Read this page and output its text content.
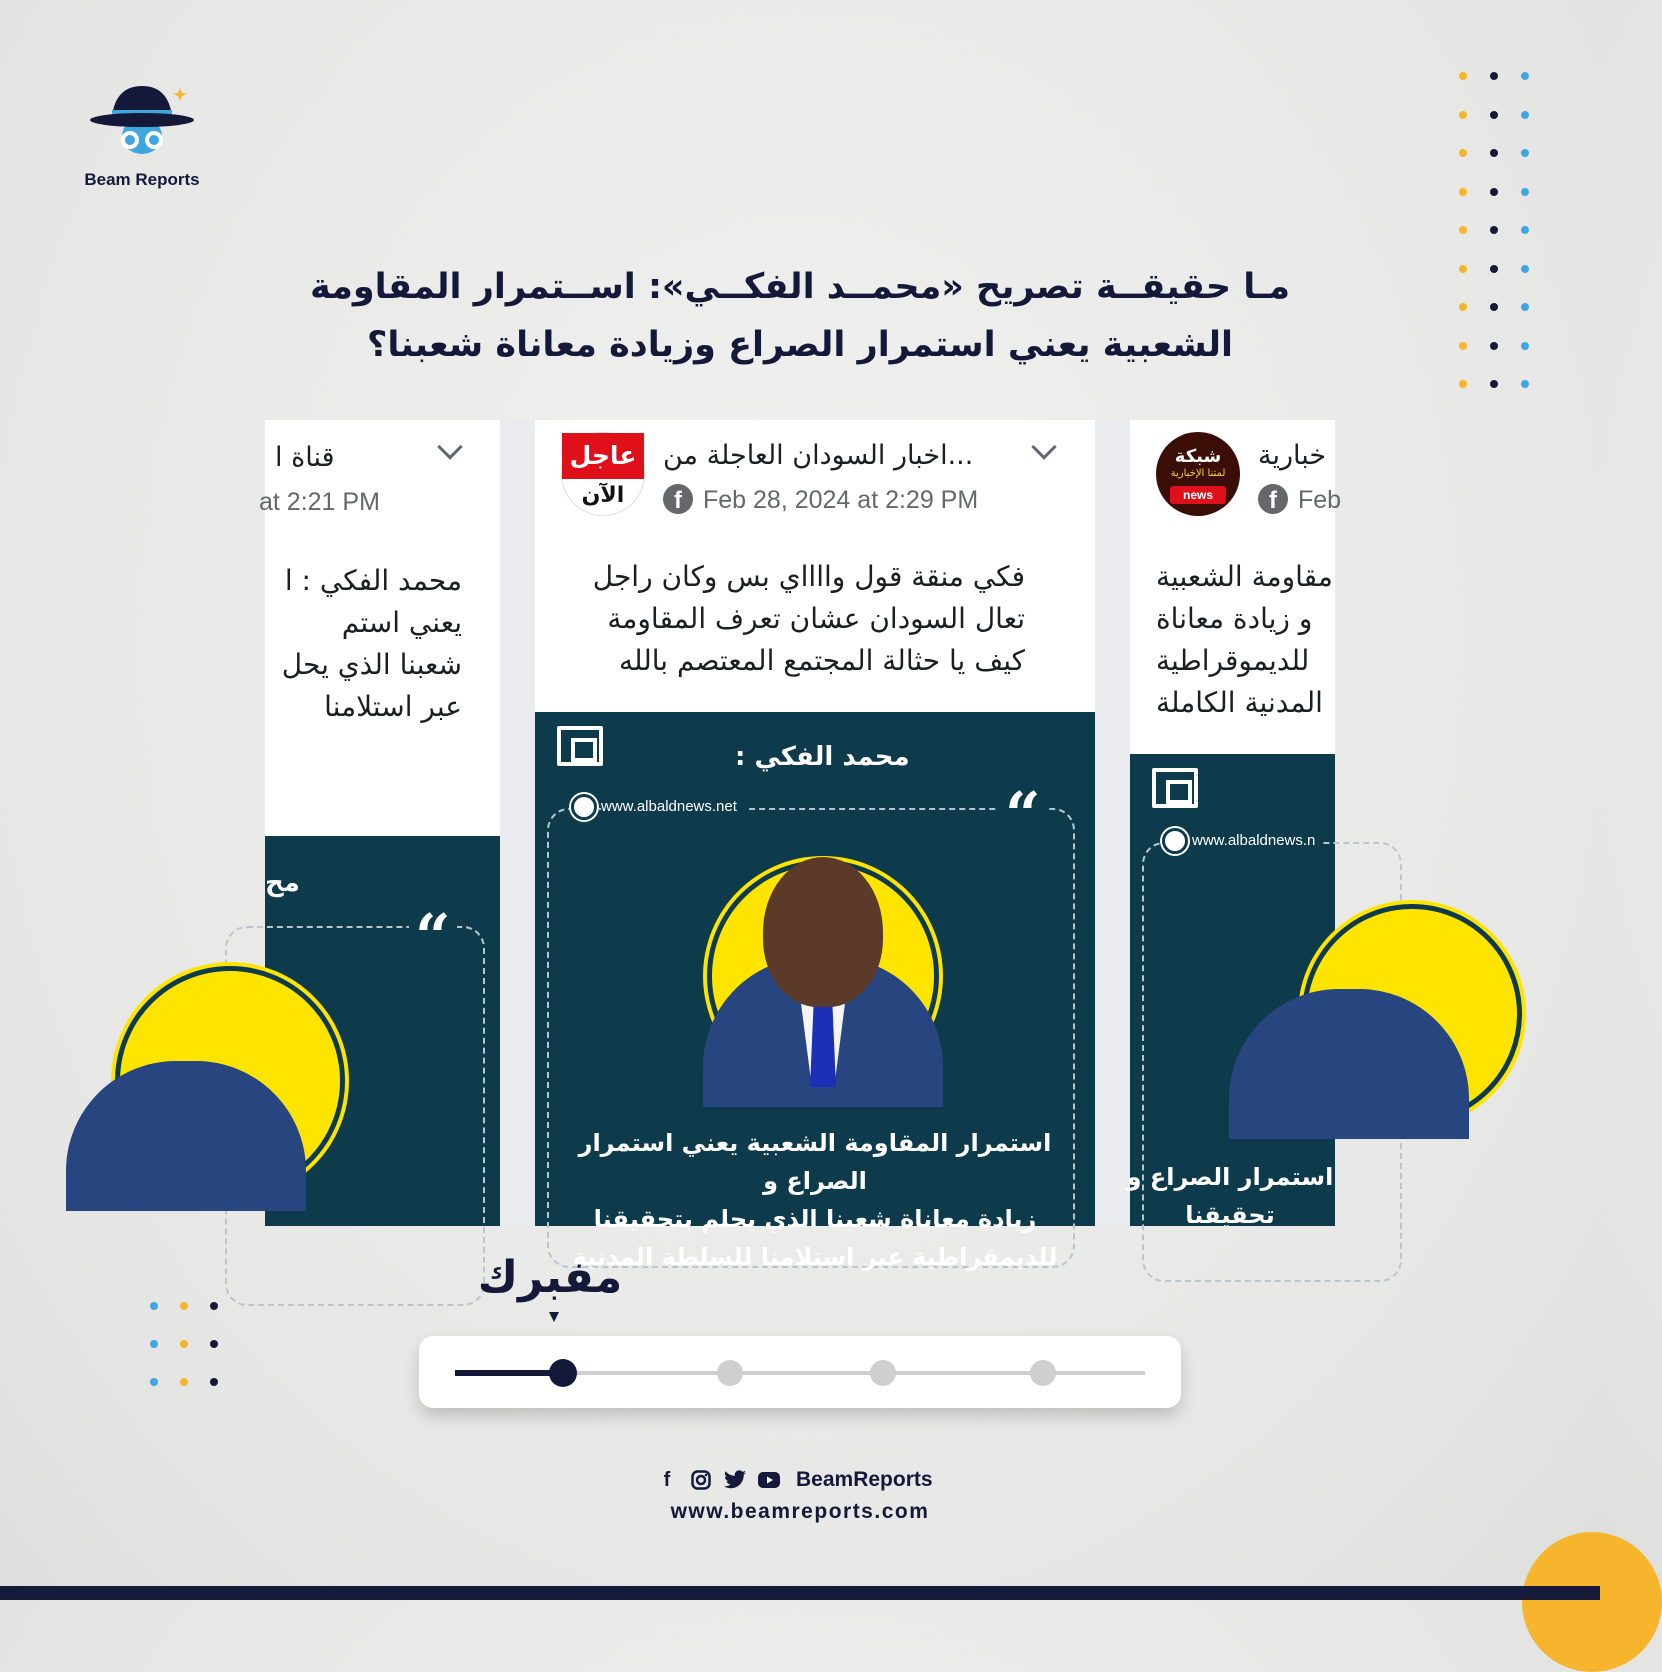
Beam Reports
مـا حقيقــة تصريح «محمــد الفكــي»: اســتمرار المقاومة
الشعبية يعني استمرار الصراع وزيادة معاناة شعبنا؟
قناة ا
at 2:21 PM
محمد الفكي : ا
يعني استم
شعبنا الذي يحل
عبر استلامنا
مح
“
عاجل
الآن
...اخبار السودان العاجلة من
f Feb 28, 2024 at 2:29 PM
فكي منقة قول وااااي بس وكان راجل
تعال السودان عشان تعرف المقاومة
كيف يا حثالة المجتمع المعتصم بالله
محمد الفكي :
www.albaldnews.net	“
استمرار المقاومة الشعبية يعني استمرار الصراع و
زيادة معاناة شعبنا الذي يحلم بتحقيقنا
للديمقراطية عبر استلامنا للسلطة المدنية
شبكة
لمتنا الإخبارية
news
خبارية
f Feb
مقاومة الشعبية
و زيادة معاناة
للديموقراطية
المدنية الكاملة
www.albaldnews.n
استمرار الصراع و
تحقيقنا
مفبرك
f	BeamReports
www.beamreports.com
